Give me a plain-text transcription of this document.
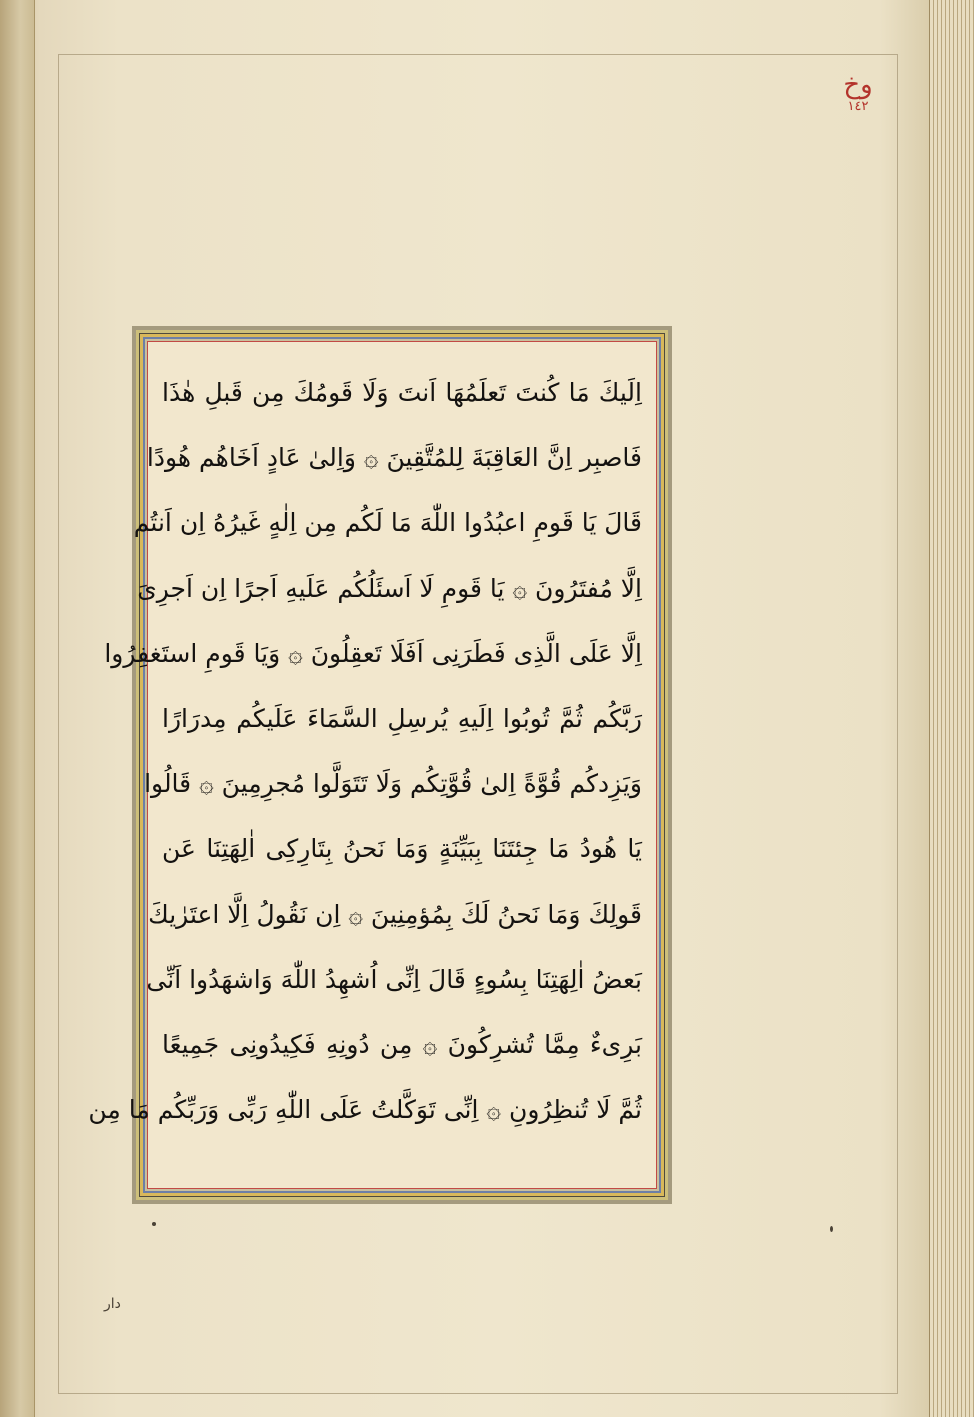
وخ
١٤٢
اِلَیكَ مَا كُنتَ تَعلَمُهَا اَنتَ وَلَا قَومُكَ مِن قَبلِ هٰذَا
فَاصبِر اِنَّ العَاقِبَةَ لِلمُتَّقِینَ ۞ وَاِلىٰ عَادٍ اَخَاهُم هُودًا
قَالَ یَا قَومِ اعبُدُوا اللّٰهَ مَا لَكُم مِن اِلٰهٍ غَیرُهُ اِن اَنتُم
اِلَّا مُفتَرُونَ ۞ یَا قَومِ لَا اَسئَلُكُم عَلَیهِ اَجرًا اِن اَجرِیَ
اِلَّا عَلَى الَّذِی فَطَرَنِی اَفَلَا تَعقِلُونَ ۞ وَیَا قَومِ استَغفِرُوا
رَبَّكُم ثُمَّ تُوبُوا اِلَیهِ یُرسِلِ السَّمَاءَ عَلَیكُم مِدرَارًا
وَیَزِدكُم قُوَّةً اِلىٰ قُوَّتِكُم وَلَا تَتَوَلَّوا مُجرِمِینَ ۞ قَالُوا
یَا هُودُ مَا جِئتَنَا بِبَیِّنَةٍ وَمَا نَحنُ بِتَارِكِی اٰلِهَتِنَا عَن
قَولِكَ وَمَا نَحنُ لَكَ بِمُؤمِنِینَ ۞ اِن نَقُولُ اِلَّا اعتَرٰیكَ
بَعضُ اٰلِهَتِنَا بِسُوءٍ قَالَ اِنِّی اُشهِدُ اللّٰهَ وَاشهَدُوا اَنِّی
بَرِیءٌ مِمَّا تُشرِكُونَ ۞ مِن دُونِهِ فَكِیدُونِی جَمِیعًا
ثُمَّ لَا تُنظِرُونِ ۞ اِنِّی تَوَكَّلتُ عَلَى اللّٰهِ رَبِّی وَرَبِّكُم مَا مِن
دار
